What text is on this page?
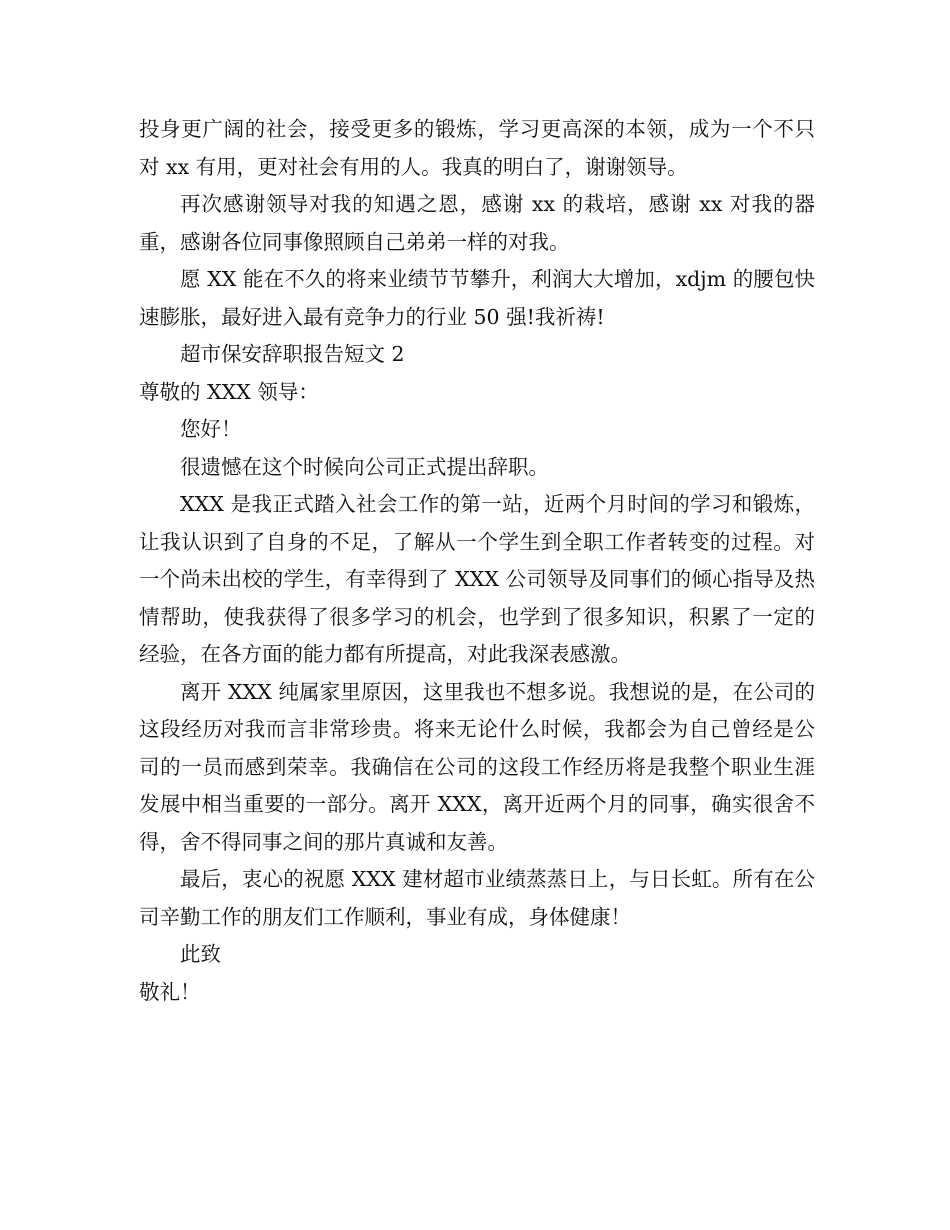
投身更广阔的社会，接受更多的锻炼，学习更高深的本领，成为一个不只对 xx 有用，更对社会有用的人。我真的明白了，谢谢领导。

再次感谢领导对我的知遇之恩，感谢 xx 的栽培，感谢 xx 对我的器重，感谢各位同事像照顾自己弟弟一样的对我。

愿 XX 能在不久的将来业绩节节攀升，利润大大增加，xdjm 的腰包快速膨胀，最好进入最有竞争力的行业 50 强!我祈祷!

超市保安辞职报告短文 2

尊敬的 XXX 领导：

您好！

很遗憾在这个时候向公司正式提出辞职。

XXX 是我正式踏入社会工作的第一站，近两个月时间的学习和锻炼，让我认识到了自身的不足，了解从一个学生到全职工作者转变的过程。对一个尚未出校的学生，有幸得到了 XXX 公司领导及同事们的倾心指导及热情帮助，使我获得了很多学习的机会，也学到了很多知识，积累了一定的经验，在各方面的能力都有所提高，对此我深表感激。

离开 XXX 纯属家里原因，这里我也不想多说。我想说的是，在公司的这段经历对我而言非常珍贵。将来无论什么时候，我都会为自己曾经是公司的一员而感到荣幸。我确信在公司的这段工作经历将是我整个职业生涯发展中相当重要的一部分。离开 XXX，离开近两个月的同事，确实很舍不得，舍不得同事之间的那片真诚和友善。

最后，衷心的祝愿 XXX 建材超市业绩蒸蒸日上，与日长虹。所有在公司辛勤工作的朋友们工作顺利，事业有成，身体健康！

此致

敬礼！
